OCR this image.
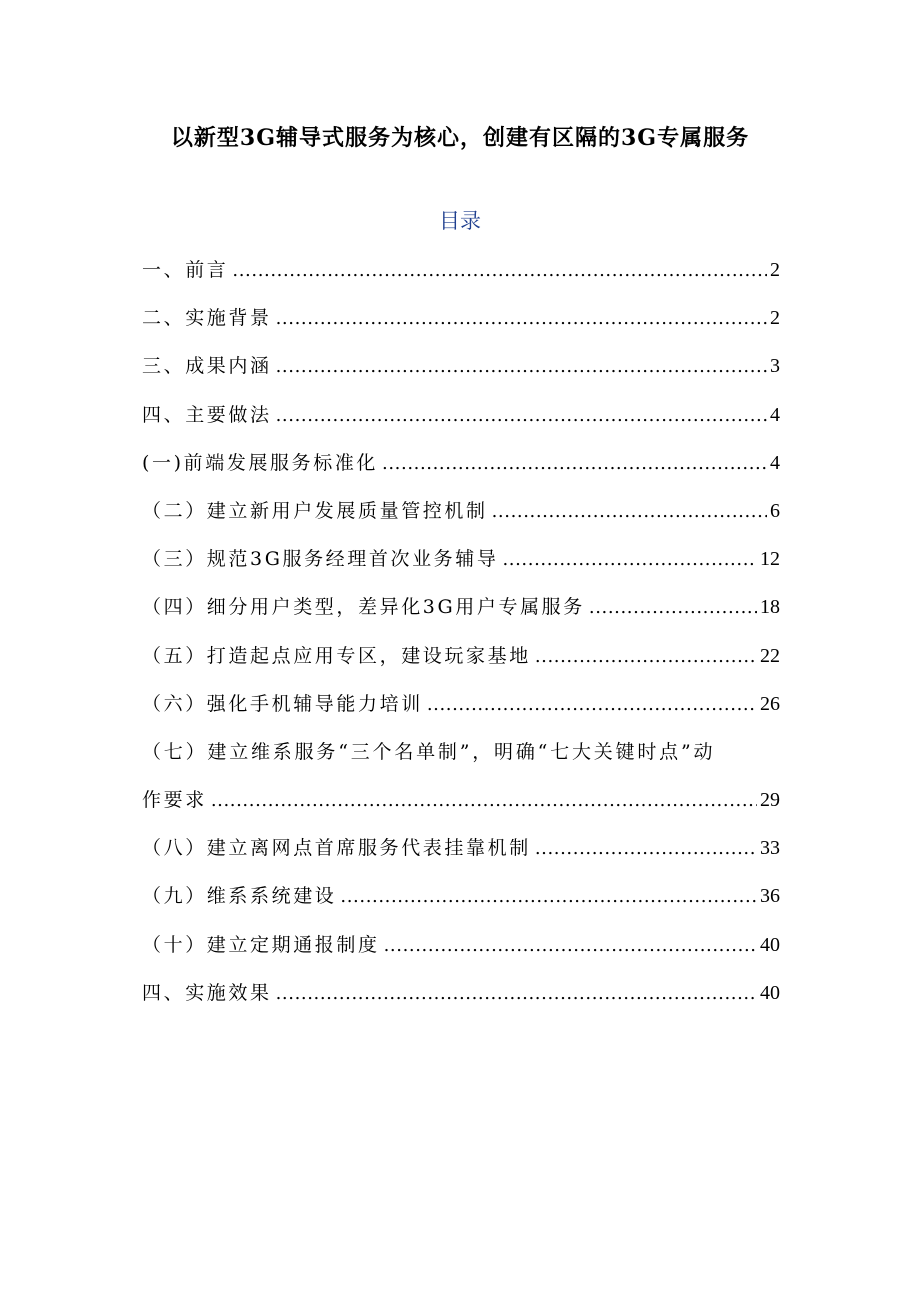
以新型3G辅导式服务为核心，创建有区隔的3G专属服务
目录
一、前言 .....	2
二、实施背景 .....	2
三、成果内涵 .....	3
四、主要做法 .....	4
(一)前端发展服务标准化 .....	4
（二）建立新用户发展质量管控机制 .....	6
（三）规范3G服务经理首次业务辅导 .....	12
（四）细分用户类型，差异化3G用户专属服务 .....	18
（五）打造起点应用专区，建设玩家基地 .....	22
（六）强化手机辅导能力培训 .....	26
（七）建立维系服务“三个名单制”，明确“七大关键时点”动
作要求 .....	29
（八）建立离网点首席服务代表挂靠机制 .....	33
（九）维系系统建设 .....	36
（十）建立定期通报制度 .....	40
四、实施效果 .....	40
